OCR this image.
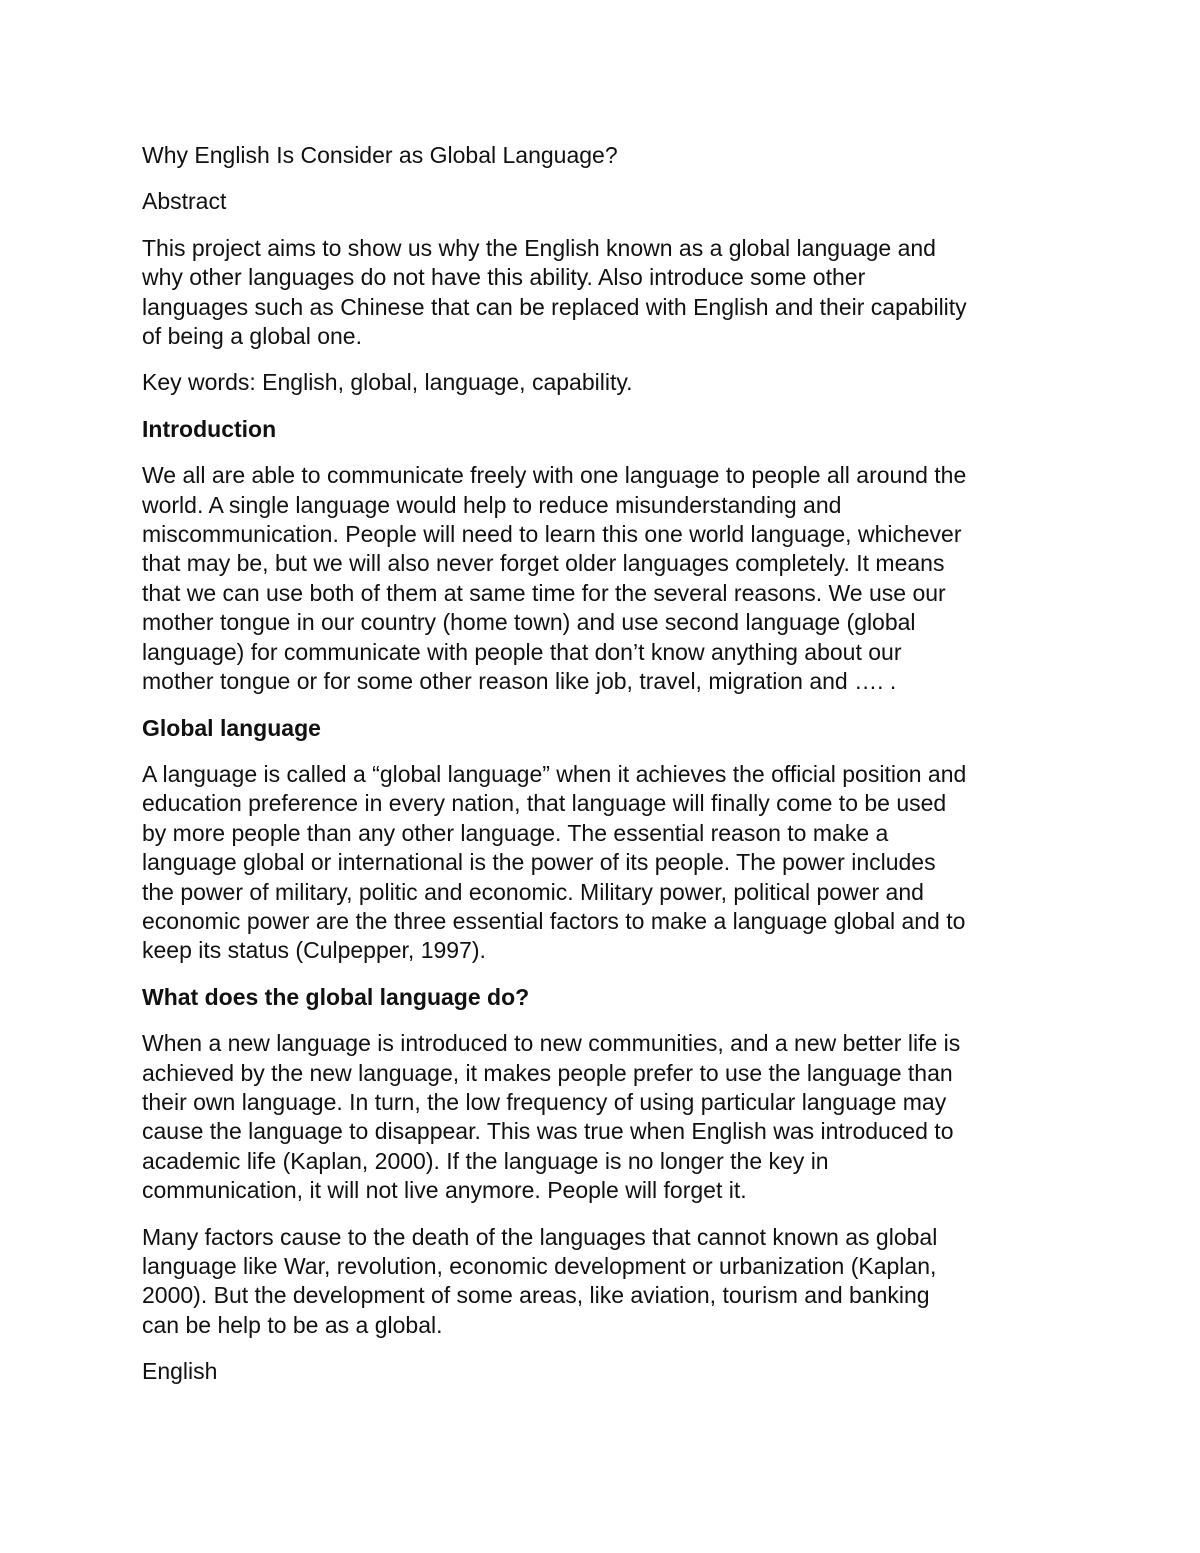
Why English Is Consider as Global Language?

Abstract

This project aims to show us why the English known as a global language and

why other languages do not have this ability. Also introduce some other

languages such as Chinese that can be replaced with English and their capability

of being a global one.

Key words: English, global, language, capability.

Introduction

We all are able to communicate freely with one language to people all around the

world. A single language would help to reduce misunderstanding and

miscommunication. People will need to learn this one world language, whichever

that may be, but we will also never forget older languages completely. It means

that we can use both of them at same time for the several reasons. We use our

mother tongue in our country (home town) and use second language (global

language) for communicate with people that don’t know anything about our

mother tongue or for some other reason like job, travel, migration and …. .

Global language

A language is called a “global language” when it achieves the official position and

education preference in every nation, that language will finally come to be used

by more people than any other language. The essential reason to make a

language global or international is the power of its people. The power includes

the power of military, politic and economic. Military power, political power and

economic power are the three essential factors to make a language global and to

keep its status (Culpepper, 1997).

What does the global language do?

When a new language is introduced to new communities, and a new better life is

achieved by the new language, it makes people prefer to use the language than

their own language. In turn, the low frequency of using particular language may

cause the language to disappear. This was true when English was introduced to

academic life (Kaplan, 2000). If the language is no longer the key in

communication, it will not live anymore. People will forget it.

Many factors cause to the death of the languages that cannot known as global

language like War, revolution, economic development or urbanization (Kaplan,

2000). But the development of some areas, like aviation, tourism and banking

can be help to be as a global.

English
